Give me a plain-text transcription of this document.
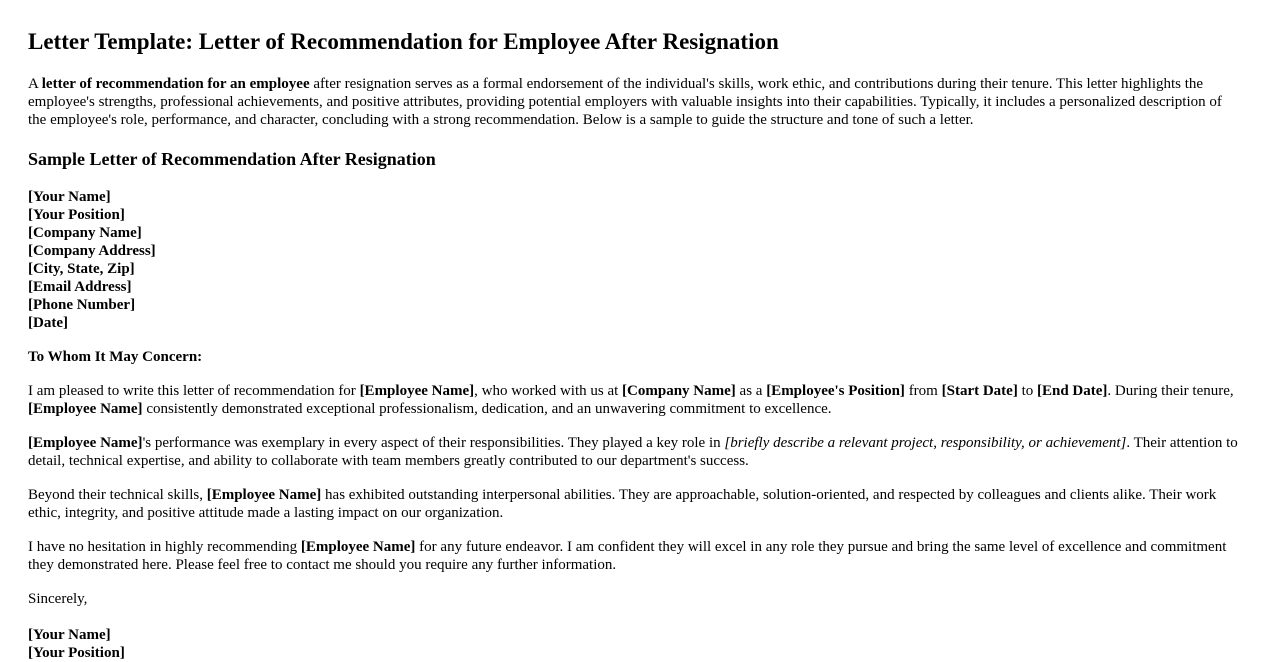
Letter Template: Letter of Recommendation for Employee After Resignation

A letter of recommendation for an employee after resignation serves as a formal endorsement of the individual's skills, work ethic, and contributions during their tenure. This letter highlights the employee's strengths, professional achievements, and positive attributes, providing potential employers with valuable insights into their capabilities. Typically, it includes a personalized description of the employee's role, performance, and character, concluding with a strong recommendation. Below is a sample to guide the structure and tone of such a letter.

Sample Letter of Recommendation After Resignation
[Your Name]
[Your Position]
[Company Name]
[Company Address]
[City, State, Zip]
[Email Address]
[Phone Number]
[Date]

To Whom It May Concern:

I am pleased to write this letter of recommendation for [Employee Name], who worked with us at [Company Name] as a [Employee's Position] from [Start Date] to [End Date]. During their tenure, [Employee Name] consistently demonstrated exceptional professionalism, dedication, and an unwavering commitment to excellence.

[Employee Name]'s performance was exemplary in every aspect of their responsibilities. They played a key role in [briefly describe a relevant project, responsibility, or achievement]. Their attention to detail, technical expertise, and ability to collaborate with team members greatly contributed to our department's success.

Beyond their technical skills, [Employee Name] has exhibited outstanding interpersonal abilities. They are approachable, solution-oriented, and respected by colleagues and clients alike. Their work ethic, integrity, and positive attitude made a lasting impact on our organization.

I have no hesitation in highly recommending [Employee Name] for any future endeavor. I am confident they will excel in any role they pursue and bring the same level of excellence and commitment they demonstrated here. Please feel free to contact me should you require any further information.

Sincerely,

[Your Name]
[Your Position]
